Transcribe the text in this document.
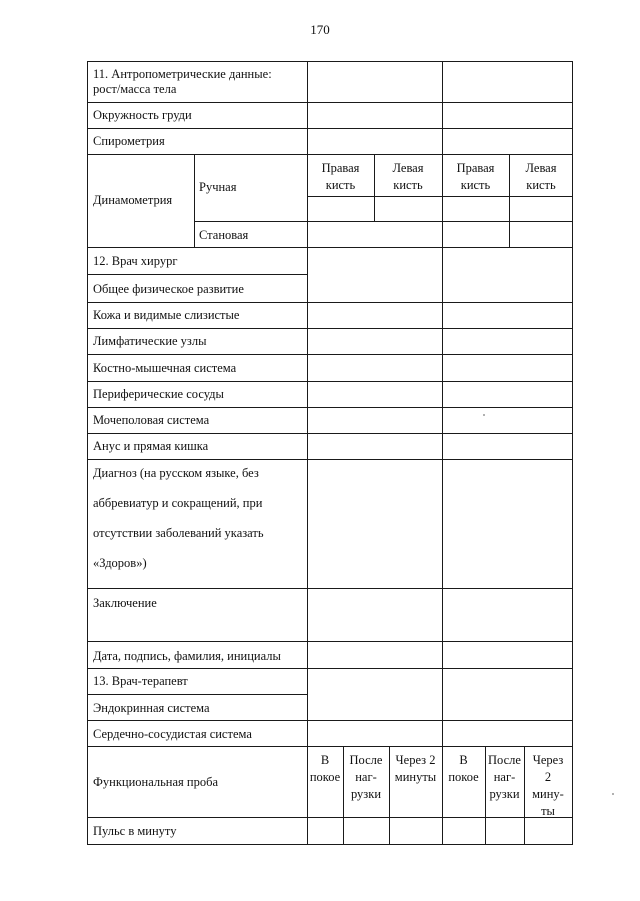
170
11. Антропометрические данные:
рост/масса тела
Окружность груди
Спирометрия
Динамометрия
Ручная
Становая
Правая
кисть
Левая
кисть
Правая
кисть
Левая
кисть
12. Врач хирург
Общее физическое развитие
Кожа и видимые слизистые
Лимфатические узлы
Костно-мышечная система
Периферические сосуды
Мочеполовая система
Анус и прямая кишка
Диагноз (на русском языке, без
аббревиатур и сокращений, при
отсутствии заболеваний указать
«Здоров»)
Заключение
Дата, подпись, фамилия, инициалы
13. Врач-терапевт
Эндокринная система
Сердечно-сосудистая система
Функциональная проба
Пульс в минуту
В
покое
После
наг-
рузки
Через 2
минуты
В
покое
После
наг-
рузки
Через
2
мину-
ты
